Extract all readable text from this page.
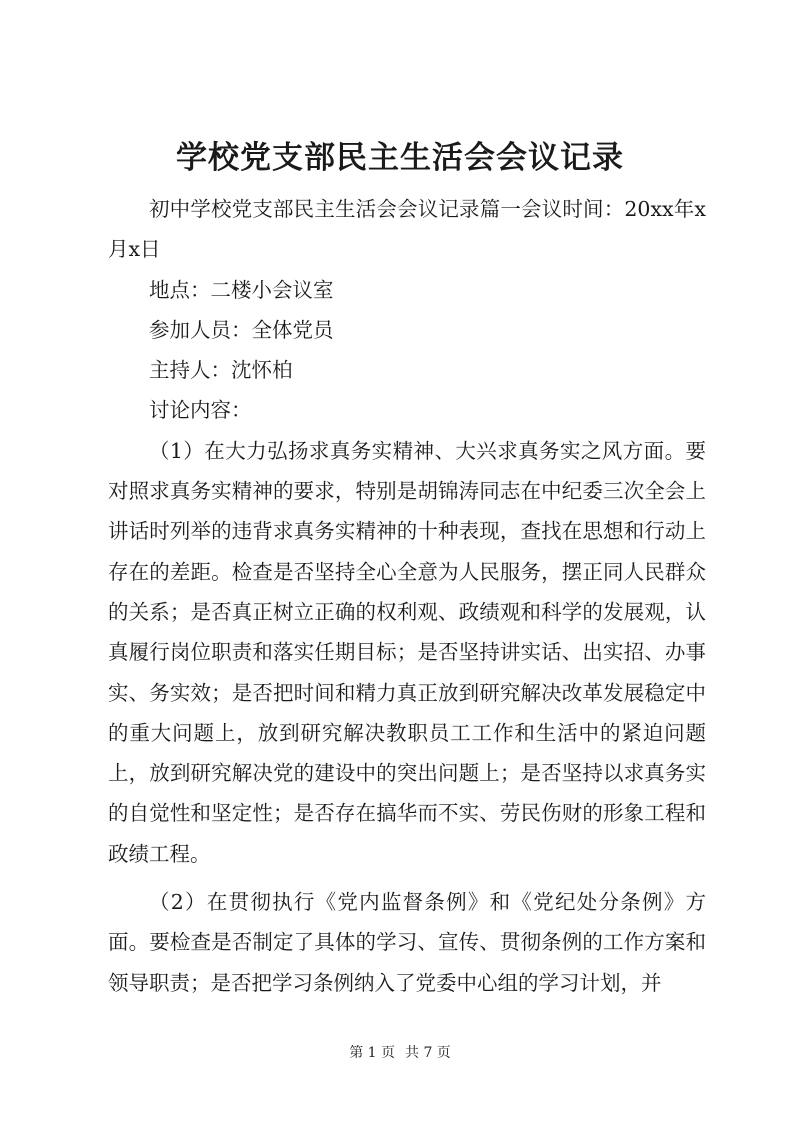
学校党支部民主生活会会议记录

初中学校党支部民主生活会会议记录篇一会议时间：20xx年x月x日

地点：二楼小会议室

参加人员：全体党员

主持人：沈怀柏

讨论内容：

（1）在大力弘扬求真务实精神、大兴求真务实之风方面。要对照求真务实精神的要求，特别是胡锦涛同志在中纪委三次全会上讲话时列举的违背求真务实精神的十种表现，查找在思想和行动上存在的差距。检查是否坚持全心全意为人民服务，摆正同人民群众的关系；是否真正树立正确的权利观、政绩观和科学的发展观，认真履行岗位职责和落实任期目标；是否坚持讲实话、出实招、办事实、务实效；是否把时间和精力真正放到研究解决改革发展稳定中的重大问题上，放到研究解决教职员工工作和生活中的紧迫问题上，放到研究解决党的建设中的突出问题上；是否坚持以求真务实的自觉性和坚定性；是否存在搞华而不实、劳民伤财的形象工程和政绩工程。

（2）在贯彻执行《党内监督条例》和《党纪处分条例》方面。要检查是否制定了具体的学习、宣传、贯彻条例的工作方案和领导职责；是否把学习条例纳入了党委中心组的学习计划，并

第 1 页 共 7 页
